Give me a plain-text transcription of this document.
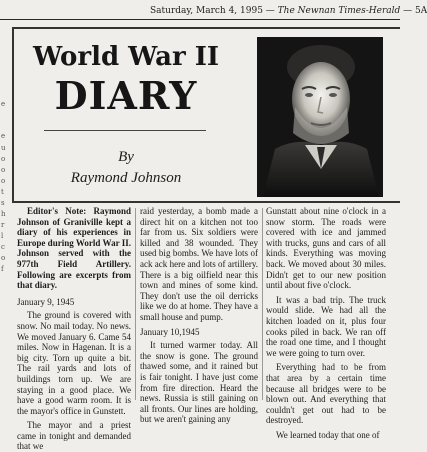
Saturday, March 4, 1995 — The Newnan Times-Herald — 5A
e
e
u
o
o
o
t
s
h
r
l
c
o
f
World War II
DIARY
By
Raymond Johnson

Editor's Note: Raymond Johnson of Graniville kept a diary of his experiences in Europe during World War II. Johnson served with the 977th Field Artillery. Following are excerpts from that diary.

January 9, 1945

The ground is covered with snow. No mail today. No news. We moved January 6. Came 54 miles. Now in Hagenan. It is a big city. Torn up quite a bit. The rail yards and lots of buildings torn up. We are staying in a good place. We have a good warm room. It is the mayor's office in Gunstett.

The mayor and a priest came in tonight and demanded that we

raid yesterday, a bomb made a direct hit on a kitchen not too far from us. Six soldiers were killed and 38 wounded. They used big bombs. We have lots of ack ack here and lots of artillery. There is a big oilfield near this town and mines of some kind. They don't use the oil derricks like we do at home. They have a small house and pump.

January 10,1945

It turned warmer today. All the snow is gone. The ground thawed some, and it rained but is fair tonight. I have just come from fire direction. Heard the news. Russia is still gaining on all fronts. Our lines are holding, but we aren't gaining any

Gunstatt about nine o'clock in a snow storm. The roads were covered with ice and jammed with trucks, guns and cars of all kinds. Everything was moving back. We moved about 30 miles. Didn't get to our new position until about five o'clock.

It was a bad trip. The truck would slide. We had all the kitchen loaded on it, plus four cooks piled in back. We ran off the road one time, and I thought we were going to turn over.

Everything had to be from that area by a certain time because all bridges were to be blown out. And everything that couldn't get out had to be destroyed.

We learned today that one of
